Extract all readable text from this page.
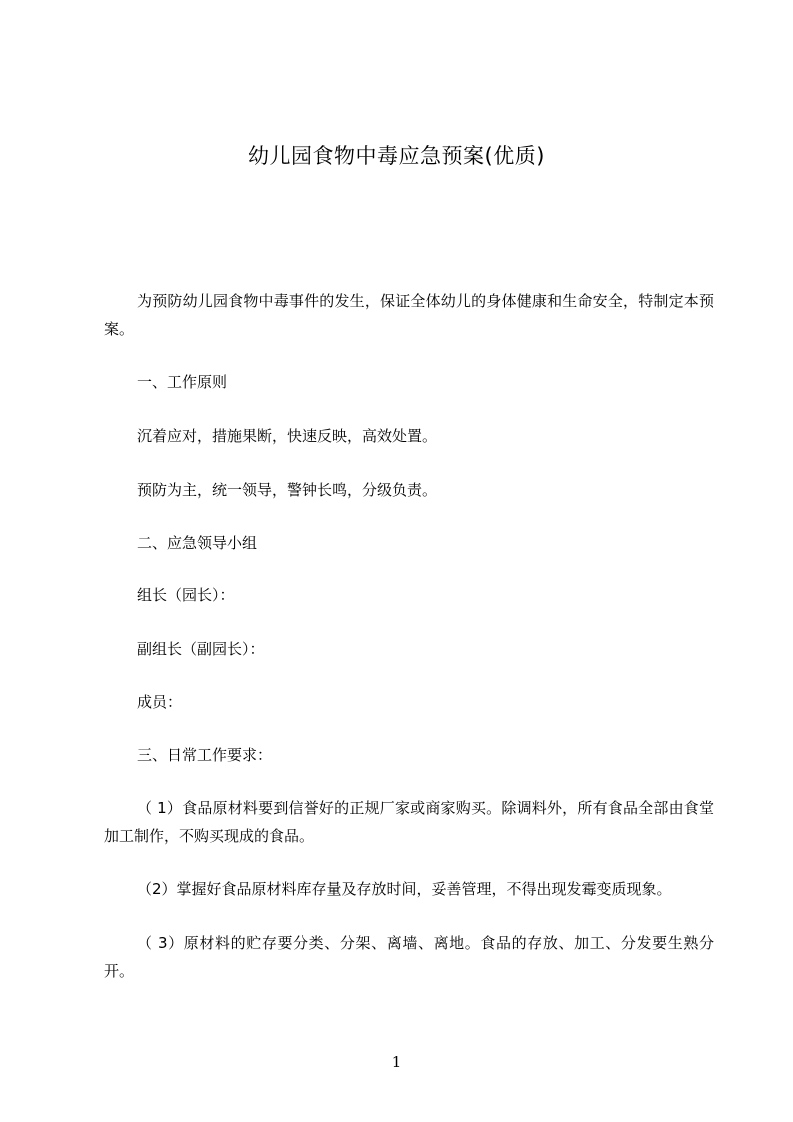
幼儿园食物中毒应急预案(优质)
为预防幼儿园食物中毒事件的发生，保证全体幼儿的身体健康和生命安全，特制定本预案。
一、工作原则
沉着应对，措施果断，快速反映，高效处置。
预防为主，统一领导，警钟长鸣，分级负责。
二、应急领导小组
组长（园长）：
副组长（副园长）：
成员：
三、日常工作要求：
（ 1）食品原材料要到信誉好的正规厂家或商家购买。除调料外，所有食品全部由食堂加工制作，不购买现成的食品。
（2）掌握好食品原材料库存量及存放时间，妥善管理，不得出现发霉变质现象。
（ 3）原材料的贮存要分类、分架、离墙、离地。食品的存放、加工、分发要生熟分开。
1
